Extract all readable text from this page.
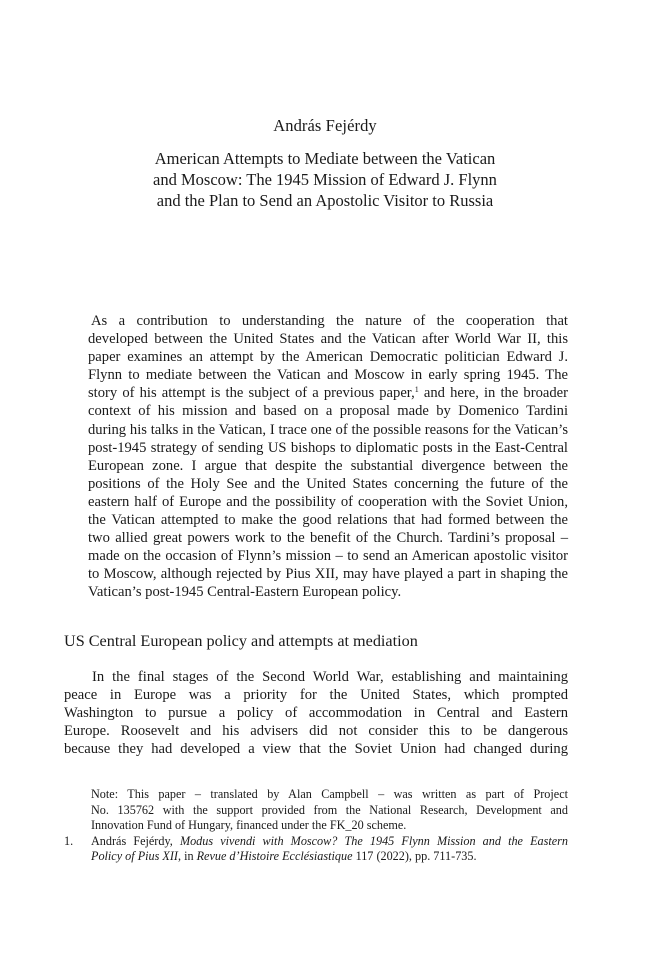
András Fejérdy
American Attempts to Mediate between the Vatican
and Moscow: The 1945 Mission of Edward J. Flynn
and the Plan to Send an Apostolic Visitor to Russia
As a contribution to understanding the nature of the cooperation that
developed between the United States and the Vatican after World War II, this
paper examines an attempt by the American Democratic politician Edward J.
Flynn to mediate between the Vatican and Moscow in early spring 1945. The
story of his attempt is the subject of a previous paper,$^1$ and here, in the broader
context of his mission and based on a proposal made by Domenico Tardini
during his talks in the Vatican, I trace one of the possible reasons for the Vatican’s
post-1945 strategy of sending US bishops to diplomatic posts in the East-Central
European zone. I argue that despite the substantial divergence between the
positions of the Holy See and the United States concerning the future of the
eastern half of Europe and the possibility of cooperation with the Soviet Union,
the Vatican attempted to make the good relations that had formed between the
two allied great powers work to the benefit of the Church. Tardini’s proposal –
made on the occasion of Flynn’s mission – to send an American apostolic visitor
to Moscow, although rejected by Pius XII, may have played a part in shaping the
Vatican’s post-1945 Central-Eastern European policy.
US Central European policy and attempts at mediation
In the final stages of the Second World War, establishing and maintaining
peace in Europe was a priority for the United States, which prompted
Washington to pursue a policy of accommodation in Central and Eastern
Europe. Roosevelt and his advisers did not consider this to be dangerous
because they had developed a view that the Soviet Union had changed during
Note: This paper – translated by Alan Campbell – was written as part of Project
No. 135762 with the support provided from the National Research, Development and
Innovation Fund of Hungary, financed under the FK_20 scheme.
1. András Fejérdy, Modus vivendi with Moscow? The 1945 Flynn Mission and the Eastern
Policy of Pius XII, in Revue d’Histoire Ecclésiastique 117 (2022), pp. 711-735.
